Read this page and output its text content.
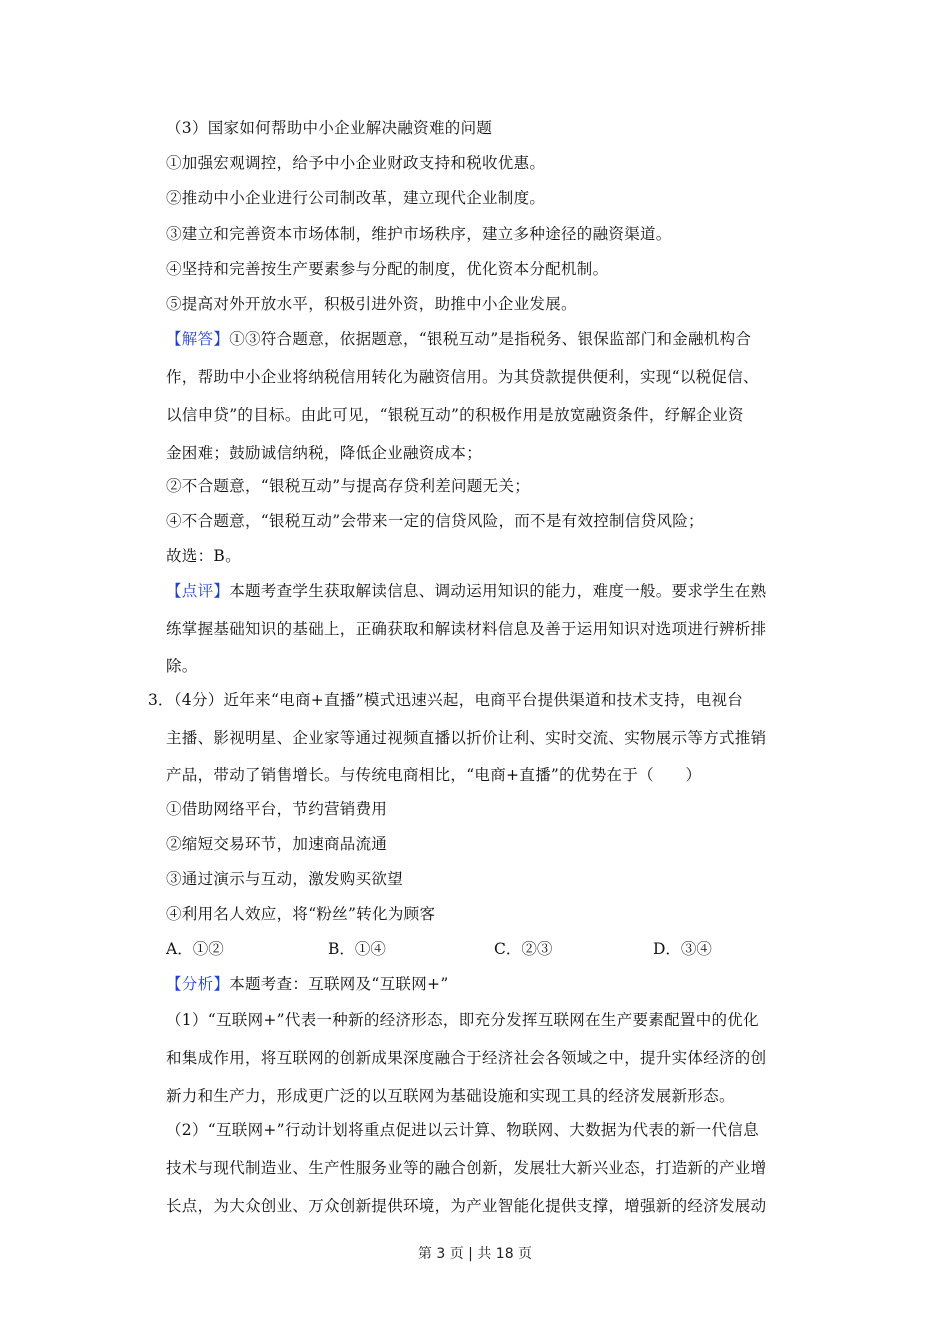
（3）国家如何帮助中小企业解决融资难的问题
①加强宏观调控，给予中小企业财政支持和税收优惠。
②推动中小企业进行公司制改革，建立现代企业制度。
③建立和完善资本市场体制，维护市场秩序，建立多种途径的融资渠道。
④坚持和完善按生产要素参与分配的制度，优化资本分配机制。
⑤提高对外开放水平，积极引进外资，助推中小企业发展。
【解答】①③符合题意，依据题意，“银税互动”是指税务、银保监部门和金融机构合
作，帮助中小企业将纳税信用转化为融资信用。为其贷款提供便利，实现“以税促信、
以信申贷”的目标。由此可见，“银税互动”的积极作用是放宽融资条件，纾解企业资
金困难；鼓励诚信纳税，降低企业融资成本；
②不合题意，“银税互动”与提高存贷利差问题无关；
④不合题意，“银税互动”会带来一定的信贷风险，而不是有效控制信贷风险；
故选：B。
【点评】本题考查学生获取解读信息、调动运用知识的能力，难度一般。要求学生在熟
练掌握基础知识的基础上，正确获取和解读材料信息及善于运用知识对选项进行辨析排
除。
3．
（4分）近年来“电商+直播”模式迅速兴起，电商平台提供渠道和技术支持，电视台
主播、影视明星、企业家等通过视频直播以折价让利、实时交流、实物展示等方式推销
产品，带动了销售增长。与传统电商相比，“电商+直播”的优势在于（　　）
①借助网络平台，节约营销费用
②缩短交易环节，加速商品流通
③通过演示与互动，激发购买欲望
④利用名人效应，将“粉丝”转化为顾客
A．①②	B．①④	C．②③	D．③④
【分析】本题考查：互联网及“互联网+”
（1）“互联网+”代表一种新的经济形态，即充分发挥互联网在生产要素配置中的优化
和集成作用，将互联网的创新成果深度融合于经济社会各领域之中，提升实体经济的创
新力和生产力，形成更广泛的以互联网为基础设施和实现工具的经济发展新形态。
（2）“互联网+”行动计划将重点促进以云计算、物联网、大数据为代表的新一代信息
技术与现代制造业、生产性服务业等的融合创新，发展壮大新兴业态，打造新的产业增
长点，为大众创业、万众创新提供环境，为产业智能化提供支撑，增强新的经济发展动
第 3 页 | 共 18 页
